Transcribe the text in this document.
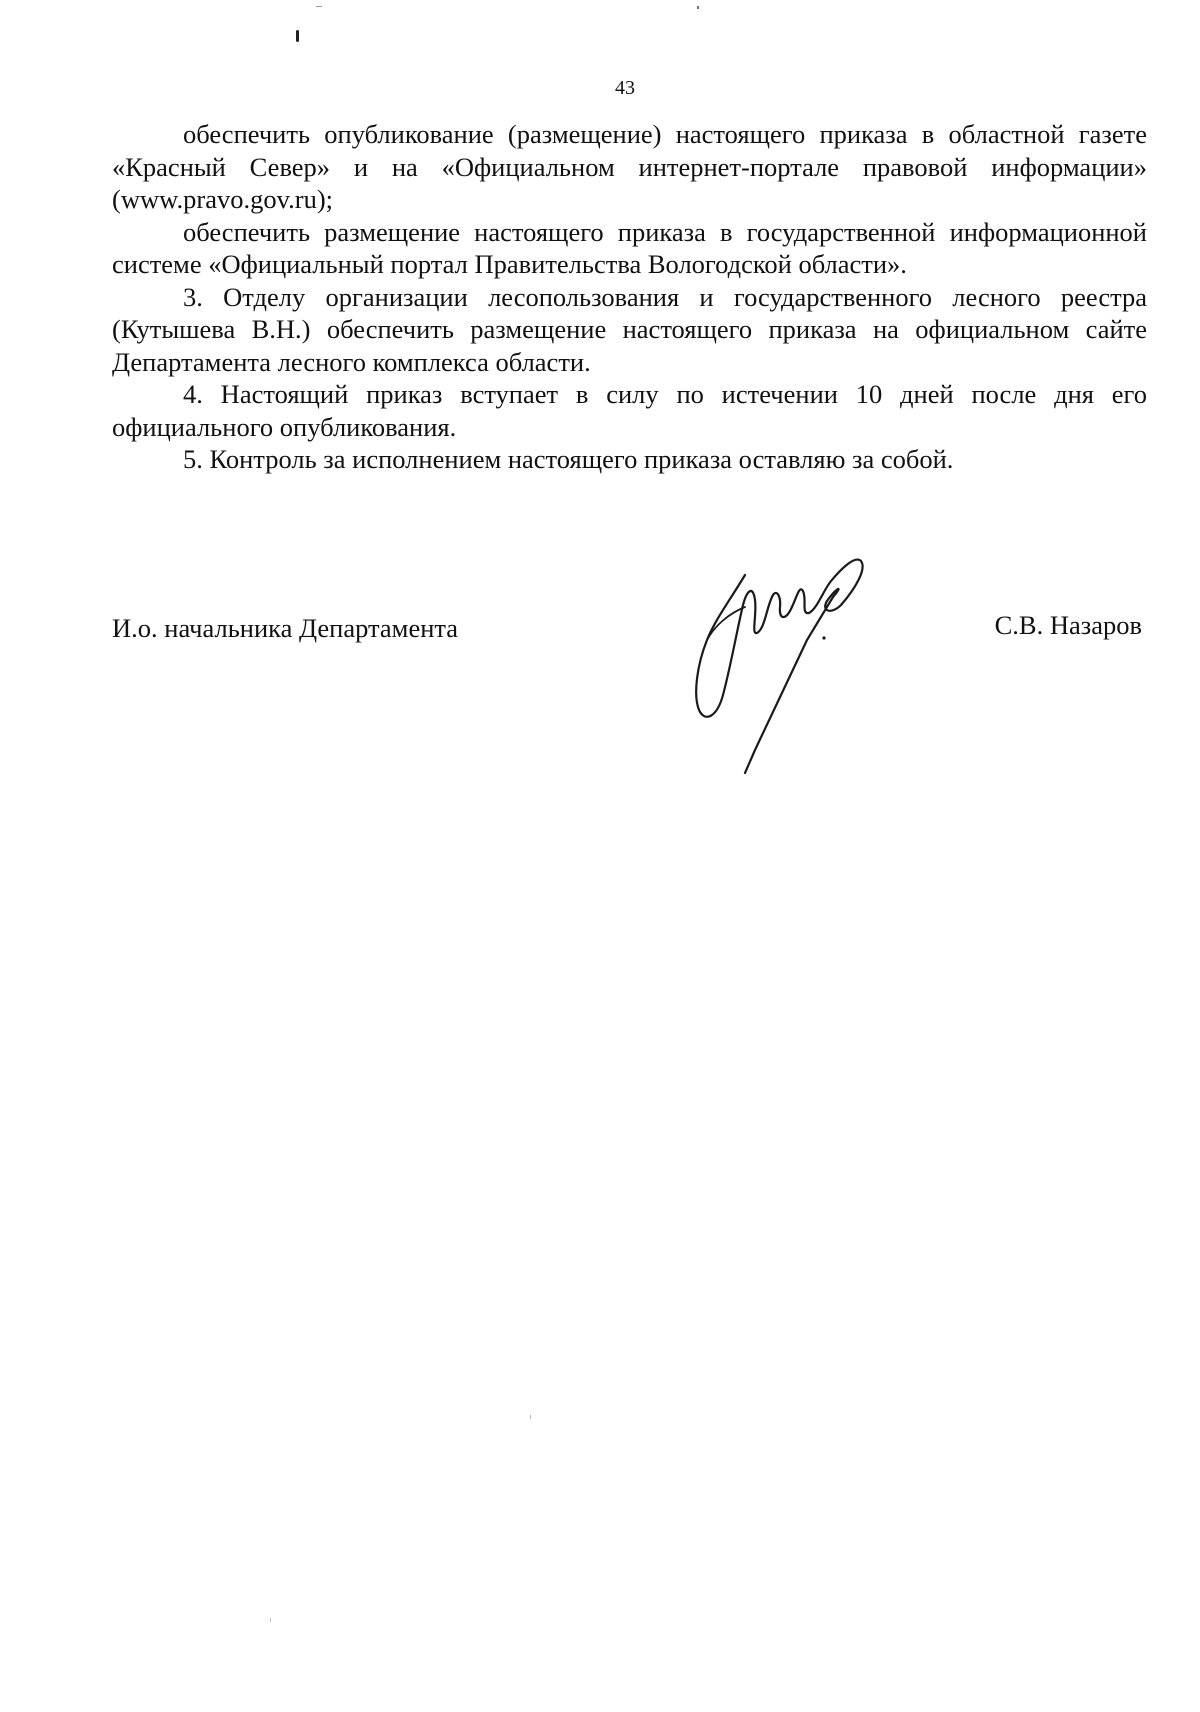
43

обеспечить опубликование (размещение) настоящего приказа в областной газете «Красный Север» и на «Официальном интернет-портале правовой информации» (www.pravo.gov.ru);

обеспечить размещение настоящего приказа в государственной информационной системе «Официальный портал Правительства Вологодской области».

3. Отделу организации лесопользования и государственного лесного реестра (Кутышева В.Н.) обеспечить размещение настоящего приказа на официальном сайте Департамента лесного комплекса области.

4. Настоящий приказ вступает в силу по истечении 10 дней после дня его официального опубликования.

5. Контроль за исполнением настоящего приказа оставляю за собой.

И.о. начальника Департамента	С.В. Назаров
